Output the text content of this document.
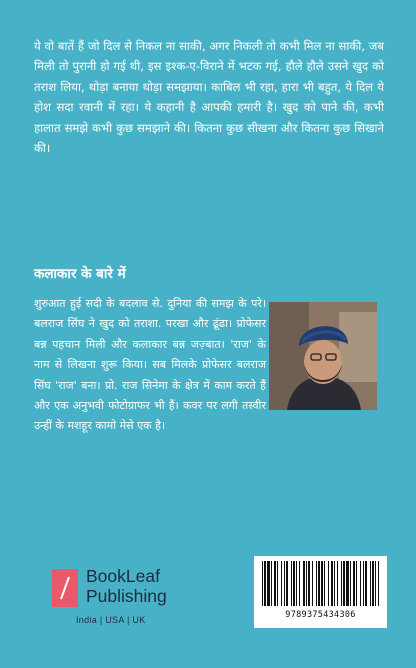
ये वो बातें हैं जो दिल से निकल ना साकी, अगर निकली तो कभी मिल ना साकी, जब मिली तो पुरानी हो गई थी, इस इश्क-ए-विराने में भटक गई, हौले हौले उसने खुद को तराश लिया, थोड़ा बनाया थोड़ा समझाया। काबिल भी रहा, हारा भी बहुत, ये दिल ये होश सदा रवानी में रहा। ये कहानी है आपकी हमारी है। खुद को पाने की, कभी हालात समझे कभी कुछ समझाने की। कितना कुछ सीखना और कितना कुछ सिखाने की।
कलाकार के बारे में
शुरुआत हुई सदी के बदलाव से. दुनिया की समझ के परे। बलराज सिंघ ने खुद को तराशा. परखा और ढूंढा। प्रोफेसर बन्न पहचान मिली और कलाकार बन्न जज़्बात। 'राज' के नाम से लिखना शुरू किया। सब मिलके प्रोफेसर बलराज सिंघ 'राज' बना। प्रो. राज सिनेमा के क्षेत्र में काम करते हैं और एक अनुभवी फोटोग्राफर भी हैं। कवर पर लगी तस्वीर उन्हीं के मशहूर कामो मेसे एक है।
BookLeaf
Publishing
India | USA | UK	9789375434306
